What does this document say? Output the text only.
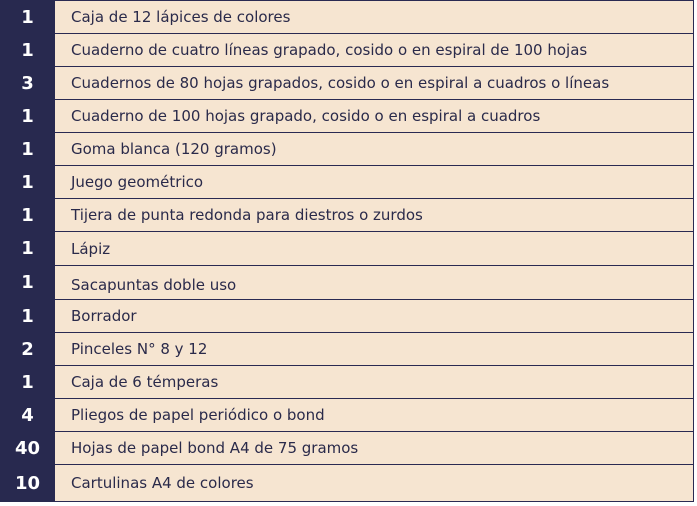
1	Caja de 12 lápices de colores
1	Cuaderno de cuatro líneas grapado, cosido o en espiral de 100 hojas
3	Cuadernos de 80 hojas grapados, cosido o en espiral a cuadros o líneas
1	Cuaderno de 100 hojas grapado, cosido o en espiral a cuadros
1	Goma blanca (120 gramos)
1	Juego geométrico
1	Tijera de punta redonda para diestros o zurdos
1	Lápiz
1	Sacapuntas doble uso
1	Borrador
2	Pinceles N° 8 y 12
1	Caja de 6 témperas
4	Pliegos de papel periódico o bond
40	Hojas de papel bond A4 de 75 gramos
10	Cartulinas A4 de colores
